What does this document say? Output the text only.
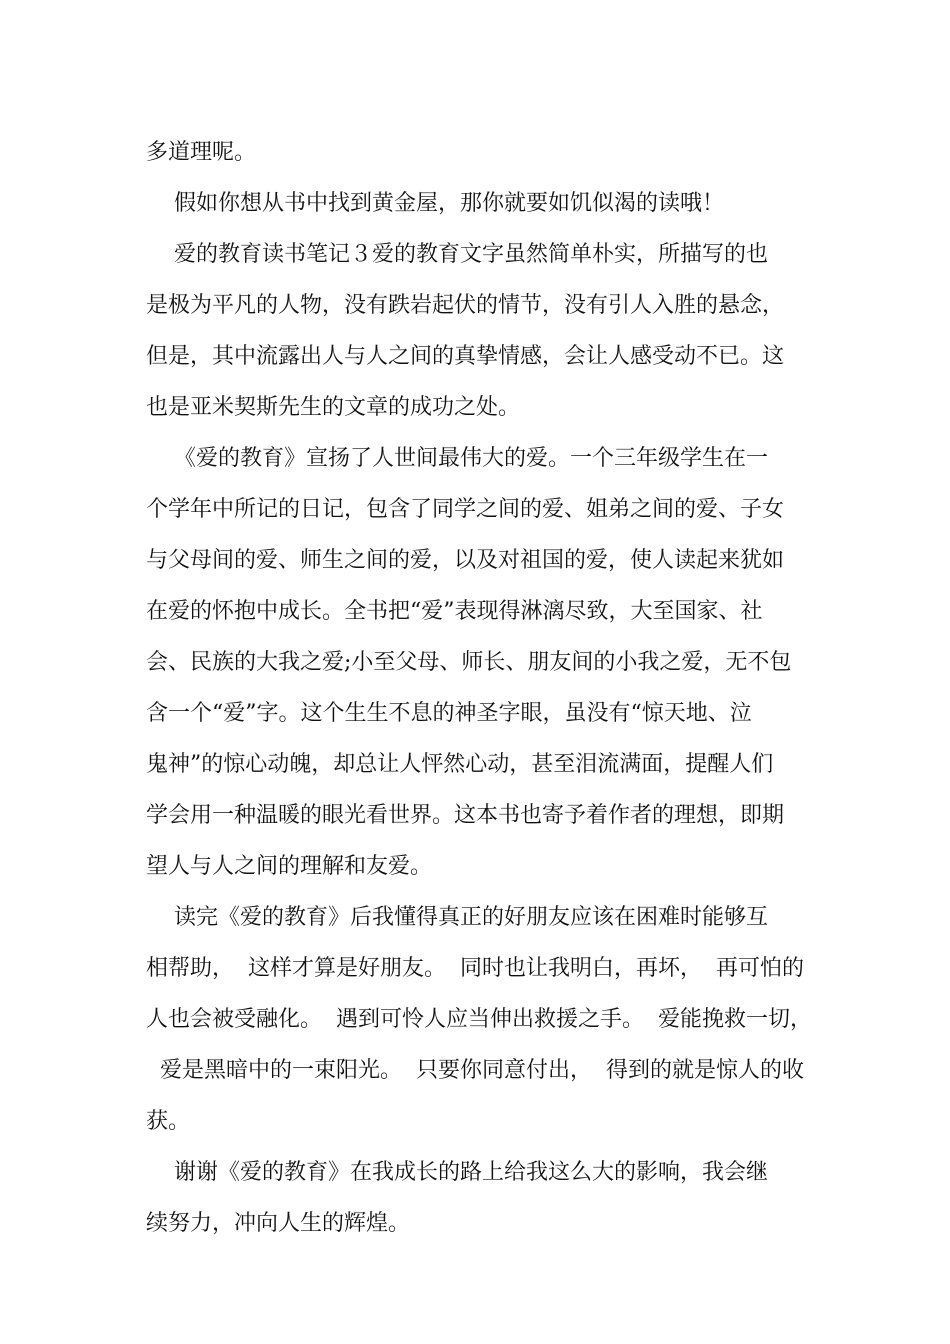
多道理呢。
假如你想从书中找到黄金屋，那你就要如饥似渴的读哦！
爱的教育读书笔记３爱的教育文字虽然简单朴实，所描写的也
是极为平凡的人物，没有跌岩起伏的情节，没有引人入胜的悬念，
但是，其中流露出人与人之间的真挚情感，会让人感受动不已。这
也是亚米契斯先生的文章的成功之处。
《爱的教育》宣扬了人世间最伟大的爱。一个三年级学生在一
个学年中所记的日记，包含了同学之间的爱、姐弟之间的爱、子女
与父母间的爱、师生之间的爱，以及对祖国的爱，使人读起来犹如
在爱的怀抱中成长。全书把“爱”表现得淋漓尽致，大至国家、社
会、民族的大我之爱;小至父母、师长、朋友间的小我之爱，无不包
含一个“爱”字。这个生生不息的神圣字眼，虽没有“惊天地、泣
鬼神”的惊心动魄，却总让人怦然心动，甚至泪流满面，提醒人们
学会用一种温暖的眼光看世界。这本书也寄予着作者的理想，即期
望人与人之间的理解和友爱。
读完《爱的教育》后我懂得真正的好朋友应该在困难时能够互
相帮助，  这样才算是好朋友。  同时也让我明白，再坏，  再可怕的
人也会被受融化。  遇到可怜人应当伸出救援之手。  爱能挽救一切，
爱是黑暗中的一束阳光。  只要你同意付出，  得到的就是惊人的收
获。
谢谢《爱的教育》在我成长的路上给我这么大的影响，我会继
续努力，冲向人生的辉煌。
